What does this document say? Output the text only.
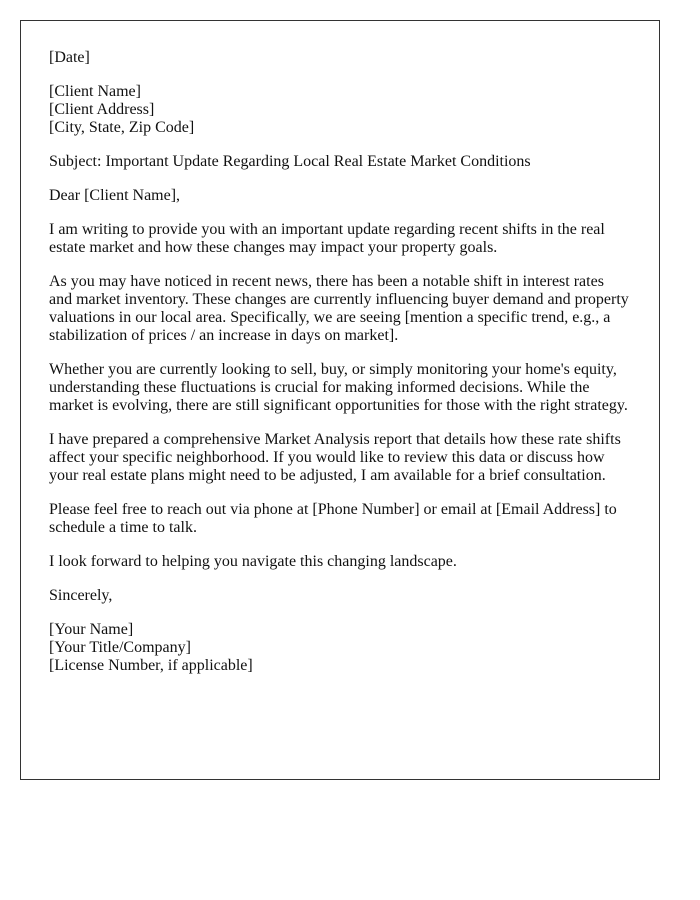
[Date]

[Client Name]
[Client Address]
[City, State, Zip Code]

Subject: Important Update Regarding Local Real Estate Market Conditions

Dear [Client Name],

I am writing to provide you with an important update regarding recent shifts in the real estate market and how these changes may impact your property goals.

As you may have noticed in recent news, there has been a notable shift in interest rates and market inventory. These changes are currently influencing buyer demand and property valuations in our local area. Specifically, we are seeing [mention a specific trend, e.g., a stabilization of prices / an increase in days on market].

Whether you are currently looking to sell, buy, or simply monitoring your home's equity, understanding these fluctuations is crucial for making informed decisions. While the market is evolving, there are still significant opportunities for those with the right strategy.

I have prepared a comprehensive Market Analysis report that details how these rate shifts affect your specific neighborhood. If you would like to review this data or discuss how your real estate plans might need to be adjusted, I am available for a brief consultation.

Please feel free to reach out via phone at [Phone Number] or email at [Email Address] to schedule a time to talk.

I look forward to helping you navigate this changing landscape.

Sincerely,

[Your Name]
[Your Title/Company]
[License Number, if applicable]
